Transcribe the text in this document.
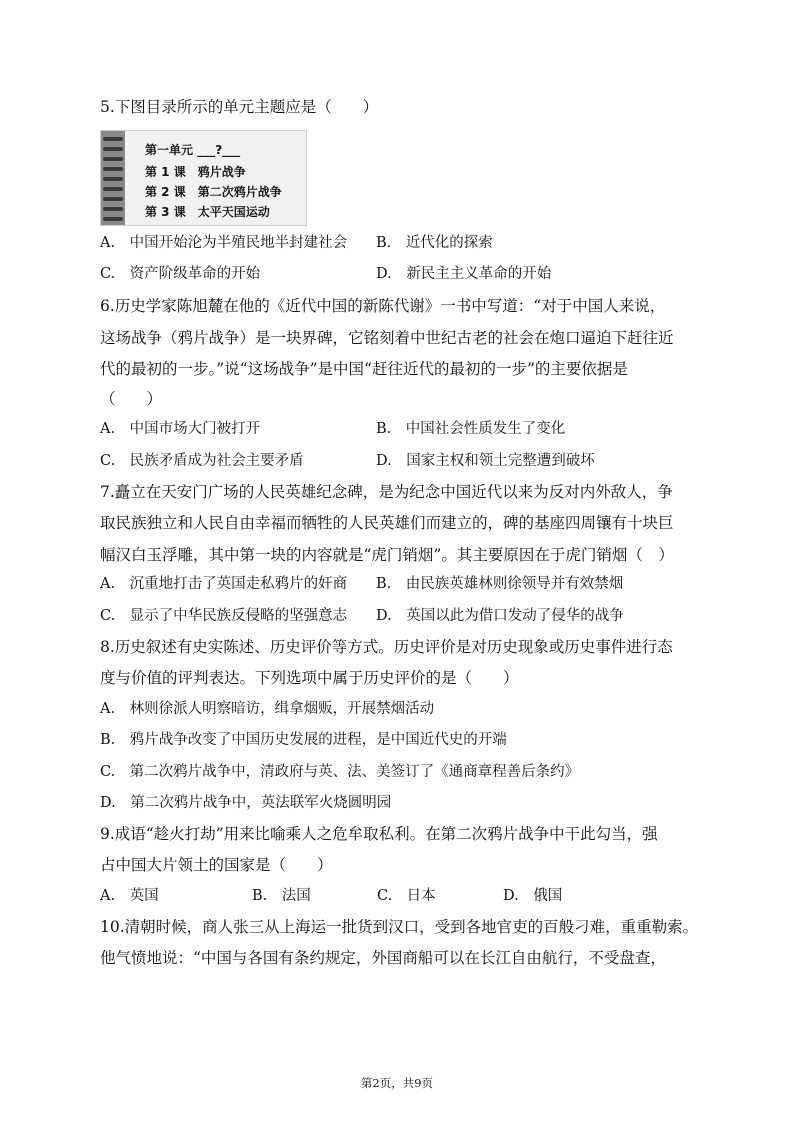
5.下图目录所示的单元主题应是（　　）
第一单元 ___?___
第 1 课　鸦片战争
第 2 课　第二次鸦片战争
第 3 课　太平天国运动
A.　中国开始沦为半殖民地半封建社会 B.　近代化的探索
C.　资产阶级革命的开始	D.　新民主主义革命的开始
6.历史学家陈旭麓在他的《近代中国的新陈代谢》一书中写道：“对于中国人来说，
这场战争（鸦片战争）是一块界碑，它铭刻着中世纪古老的社会在炮口逼迫下赶往近
代的最初的一步。”说“这场战争”是中国“赶往近代的最初的一步”的主要依据是
（　　）
A.　中国市场大门被打开	B.　中国社会性质发生了变化
C.　民族矛盾成为社会主要矛盾	D.　国家主权和领土完整遭到破坏
7.矗立在天安门广场的人民英雄纪念碑，是为纪念中国近代以来为反对内外敌人，争
取民族独立和人民自由幸福而牺牲的人民英雄们而建立的，碑的基座四周镶有十块巨
幅汉白玉浮雕，其中第一块的内容就是“虎门销烟”。其主要原因在于虎门销烟（　）
A.　沉重地打击了英国走私鸦片的奸商 B.　由民族英雄林则徐领导并有效禁烟
C.　显示了中华民族反侵略的坚强意志 D.　英国以此为借口发动了侵华的战争
8.历史叙述有史实陈述、历史评价等方式。历史评价是对历史现象或历史事件进行态
度与价值的评判表达。下列选项中属于历史评价的是（　　）
A.　林则徐派人明察暗访，缉拿烟贩，开展禁烟活动
B.　鸦片战争改变了中国历史发展的进程，是中国近代史的开端
C.　第二次鸦片战争中，清政府与英、法、美签订了《通商章程善后条约》
D.　第二次鸦片战争中，英法联军火烧圆明园
9.成语“趁火打劫”用来比喻乘人之危牟取私利。在第二次鸦片战争中干此勾当，强
占中国大片领土的国家是（　　）
A.　英国	B.　法国	C.　日本	D.　俄国
10.清朝时候，商人张三从上海运一批货到汉口，受到各地官吏的百般刁难，重重勒索。
他气愤地说：“中国与各国有条约规定，外国商船可以在长江自由航行，不受盘查，
第2页，共9页
